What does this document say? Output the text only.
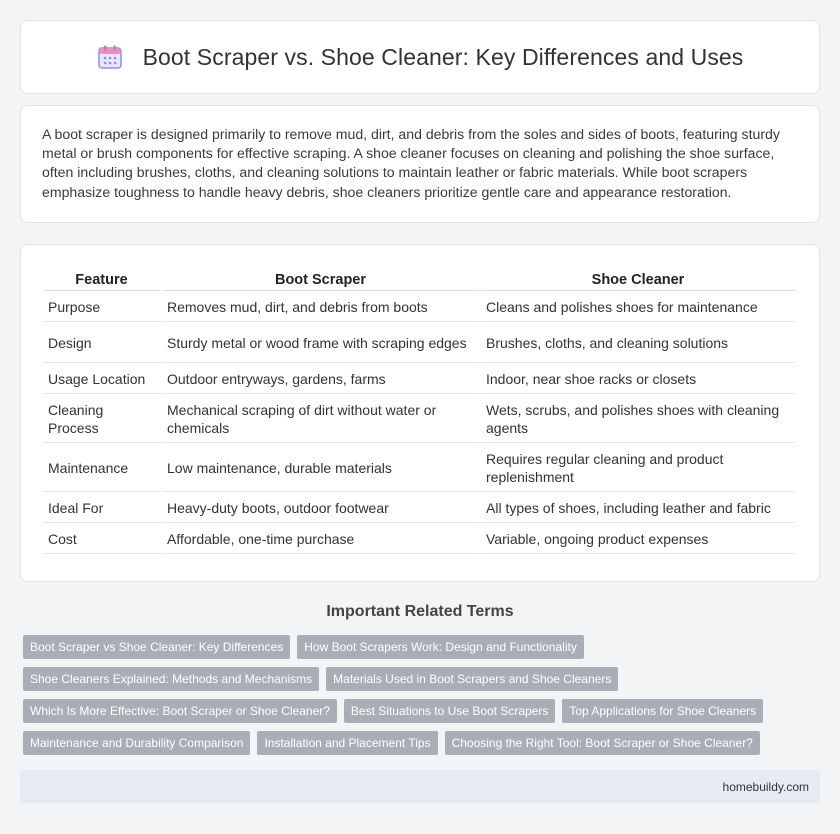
Boot Scraper vs. Shoe Cleaner: Key Differences and Uses

A boot scraper is designed primarily to remove mud, dirt, and debris from the soles and sides of boots, featuring sturdy metal or brush components for effective scraping. A shoe cleaner focuses on cleaning and polishing the shoe surface, often including brushes, cloths, and cleaning solutions to maintain leather or fabric materials. While boot scrapers emphasize toughness to handle heavy debris, shoe cleaners prioritize gentle care and appearance restoration.

Feature	Boot Scraper	Shoe Cleaner
Purpose	Removes mud, dirt, and debris from boots	Cleans and polishes shoes for maintenance
Design	Sturdy metal or wood frame with scraping edges	Brushes, cloths, and cleaning solutions
Usage Location	Outdoor entryways, gardens, farms	Indoor, near shoe racks or closets
Cleaning Process	Mechanical scraping of dirt without water or chemicals	Wets, scrubs, and polishes shoes with cleaning agents
Maintenance	Low maintenance, durable materials	Requires regular cleaning and product replenishment
Ideal For	Heavy-duty boots, outdoor footwear	All types of shoes, including leather and fabric
Cost	Affordable, one-time purchase	Variable, ongoing product expenses
Important Related Terms
Boot Scraper vs Shoe Cleaner: Key Differences	How Boot Scrapers Work: Design and Functionality
Shoe Cleaners Explained: Methods and Mechanisms	Materials Used in Boot Scrapers and Shoe Cleaners
Which Is More Effective: Boot Scraper or Shoe Cleaner?	Best Situations to Use Boot Scrapers	Top Applications for Shoe Cleaners
Maintenance and Durability Comparison	Installation and Placement Tips	Choosing the Right Tool: Boot Scraper or Shoe Cleaner?
homebuildy.com
